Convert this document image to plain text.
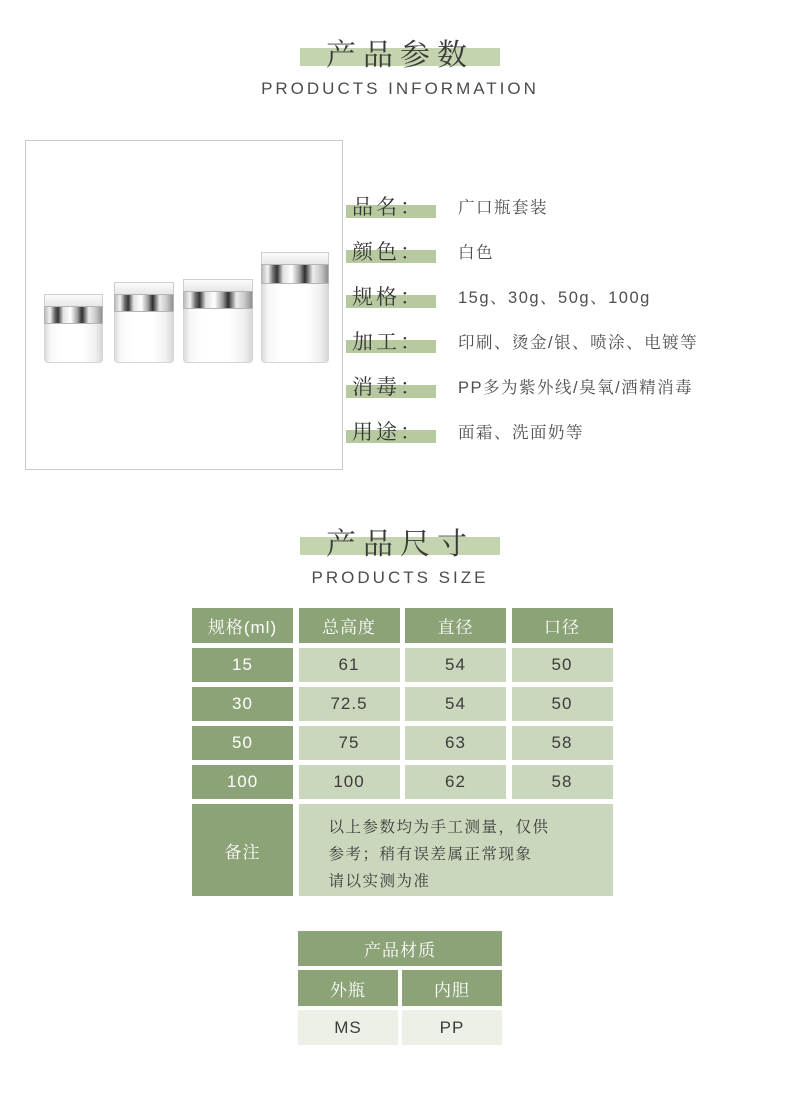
产品参数
PRODUCTS INFORMATION
品名：	广口瓶套装
颜色：	白色
规格：	15g、30g、50g、100g
加工：	印刷、烫金/银、喷涂、电镀等
消毒：	PP多为紫外线/臭氧/酒精消毒
用途：	面霜、洗面奶等
产品尺寸
PRODUCTS SIZE
规格(ml)	总高度	直径	口径
15	61	54	50
30	72.5	54	50
50	75	63	58
100	100	62	58
备注
以上参数均为手工测量，仅供
参考；稍有误差属正常现象
请以实测为准
产品材质
外瓶	内胆
MS	PP
